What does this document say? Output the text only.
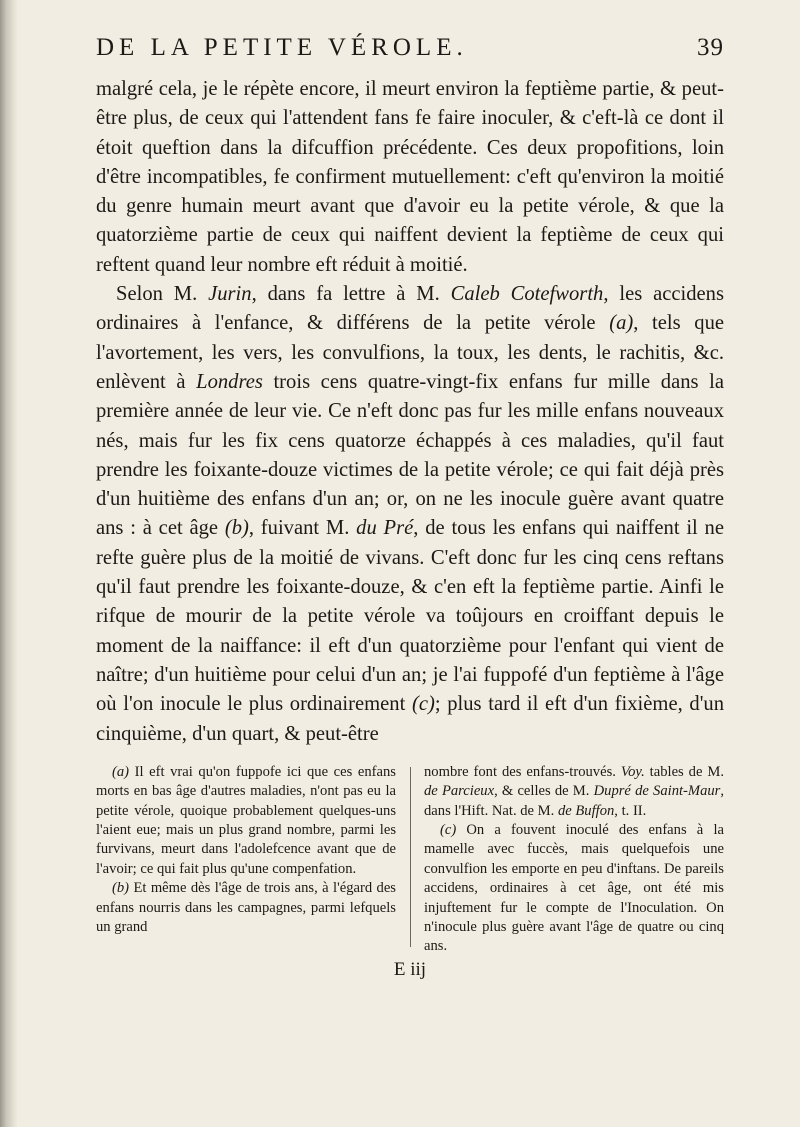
DE LA PETITE VÉROLE.	39

malgré cela, je le répète encore, il meurt environ la feptième partie, & peut-être plus, de ceux qui l'attendent fans fe faire inoculer, & c'eft-là ce dont il étoit queftion dans la difcuffion précédente. Ces deux propofitions, loin d'être incompatibles, fe confirment mutuellement: c'eft qu'environ la moitié du genre humain meurt avant que d'avoir eu la petite vérole, & que la quatorzième partie de ceux qui naiffent devient la feptième de ceux qui reftent quand leur nombre eft réduit à moitié.

Selon M. Jurin, dans fa lettre à M. Caleb Cotefworth, les accidens ordinaires à l'enfance, & différens de la petite vérole (a), tels que l'avortement, les vers, les convulfions, la toux, les dents, le rachitis, &c. enlèvent à Londres trois cens quatre-vingt-fix enfans fur mille dans la première année de leur vie. Ce n'eft donc pas fur les mille enfans nouveaux nés, mais fur les fix cens quatorze échappés à ces maladies, qu'il faut prendre les foixante-douze victimes de la petite vérole; ce qui fait déjà près d'un huitième des enfans d'un an; or, on ne les inocule guère avant quatre ans : à cet âge (b), fuivant M. du Pré, de tous les enfans qui naiffent il ne refte guère plus de la moitié de vivans. C'eft donc fur les cinq cens reftans qu'il faut prendre les foixante-douze, & c'en eft la feptième partie. Ainfi le rifque de mourir de la petite vérole va toûjours en croiffant depuis le moment de la naiffance: il eft d'un quatorzième pour l'enfant qui vient de naître; d'un huitième pour celui d'un an; je l'ai fuppofé d'un feptième à l'âge où l'on inocule le plus ordinairement (c); plus tard il eft d'un fixième, d'un cinquième, d'un quart, & peut-être

(a) Il eft vrai qu'on fuppofe ici que ces enfans morts en bas âge d'autres maladies, n'ont pas eu la petite vérole, quoique probablement quelques-uns l'aient eue; mais un plus grand nombre, parmi les furvivans, meurt dans l'adolefcence avant que de l'avoir; ce qui fait plus qu'une compenfation.

(b) Et même dès l'âge de trois ans, à l'égard des enfans nourris dans les campagnes, parmi lefquels un grand

nombre font des enfans-trouvés. Voy. tables de M. de Parcieux, & celles de M. Dupré de Saint-Maur, dans l'Hift. Nat. de M. de Buffon, t. II.

(c) On a fouvent inoculé des enfans à la mamelle avec fuccès, mais quelquefois une convulfion les emporte en peu d'inftans. De pareils accidens, ordinaires à cet âge, ont été mis injuftement fur le compte de l'Inoculation. On n'inocule plus guère avant l'âge de quatre ou cinq ans.

E iij
